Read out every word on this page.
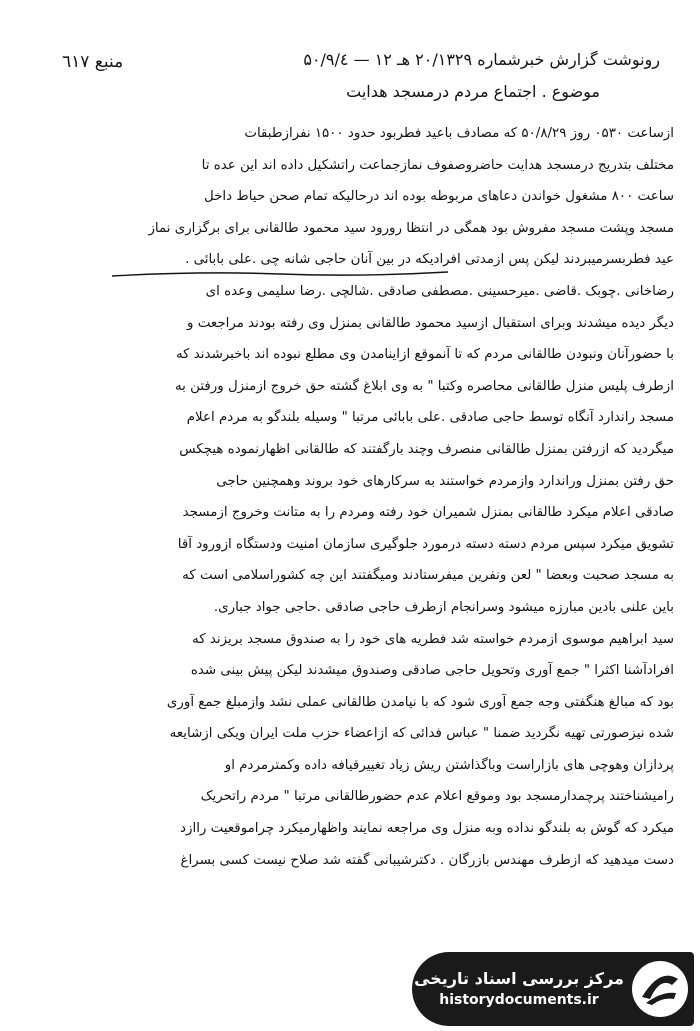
رونوشت گزارش خبرشماره ۲۰/۱۳۲۹ هـ ۱۲ — ۵۰/۹/٤
منبع ٦۱۷
موضوع . اجتماع مردم درمسجد هدایت
ازساعت ۰۵۳۰ روز ۵۰/۸/۲۹ که مصادف باعید فطربود حدود ۱۵۰۰ نفرازطبقات
مختلف بتدریج درمسجد هدایت حاضروصفوف نمازجماعت راتشکیل داده اند این عده تا
ساعت ۸۰۰ مشغول خواندن دعاهای مربوطه بوده اند درحالیکه تمام صحن حیاط داخل
مسجد وپشت مسجد مفروش بود همگی در انتظا رورود سید محمود طالقانی برای برگزاری نماز
عید فطربسرمیبردند لیکن پس ازمدتی افرادیکه در بین آنان حاجی شانه چی .علی بابائی .
رضاخانی .چوبک .قاضی .میرحسینی .مصطفی صادقی .شالچی .رضا سلیمی وعده ای
دیگر دیده میشدند وبرای استقبال ازسید محمود طالقانی بمنزل وی رفته بودند مراجعت و
با حضورآنان ونبودن طالقانی مردم که تا آنموقع ازاینامدن وی مطلع نبوده اند باخبرشدند که
ازطرف پلیس منزل طالقانی محاصره وکتبا " به وی ابلاغ گشته حق خروج ازمنزل ورفتن به
مسجد راندارد آنگاه توسط حاجی صادقی .علی بابائی مرتبا " وسیله بلندگو به مردم اعلام
میگردید که ازرفتن بمنزل طالقانی منصرف وچند بارگفتند که طالقانی اظهارنموده هیچکس
حق رفتن بمنزل وراندارد وازمردم خواستند به سرکارهای خود بروند وهمچنین حاجی
صادقی اعلام میکرد طالقانی بمنزل شمیران خود رفته ومردم را به متانت وخروج ازمسجد
تشویق میکرد سپس مردم دسته دسته درمورد جلوگیری سازمان امنیت ودستگاه ازورود آقا
به مسجد صحبت وبعضا " لعن ونفرین میفرستادند ومیگفتند این چه کشوراسلامی است که
باین علنی بادین مبارزه میشود وسرانجام ازطرف حاجی صادقی .حاجی جواد جباری.
سید ابراهیم موسوی ازمردم خواسته شد فطریه های خود را به صندوق مسجد بریزند که
افرادآشنا اکثرا " جمع آوری وتحویل حاجی صادقی وصندوق میشدند لیکن پیش بینی شده
بود که مبالغ هنگفتی وجه جمع آوری شود که با نیامدن طالقانی عملی نشد وازمبلغ جمع آوری
شده نیزصورتی تهیه نگردید ضمنا " عباس فدائی که ازاعضاء حزب ملت ایران ویکی ازشایعه
پردازان وهوچی های بازاراست وباگذاشتن ریش زیاد تغییرقیافه داده وکمترمردم او
رامیشناختند پرچمدارمسجد بود وموقع اعلام عدم حضورطالقانی مرتبا " مردم راتحریک
میکرد که گوش به بلندگو نداده وبه منزل وی مراجعه نمایند واظهارمیکرد چراموقعیت راازد
دست میدهید که ازطرف مهندس بازرگان . دکترشیبانی گفته شد صلاح نیست کسی بسراغ
مرکز بررسی اسناد تاریخی
historydocuments.ir
